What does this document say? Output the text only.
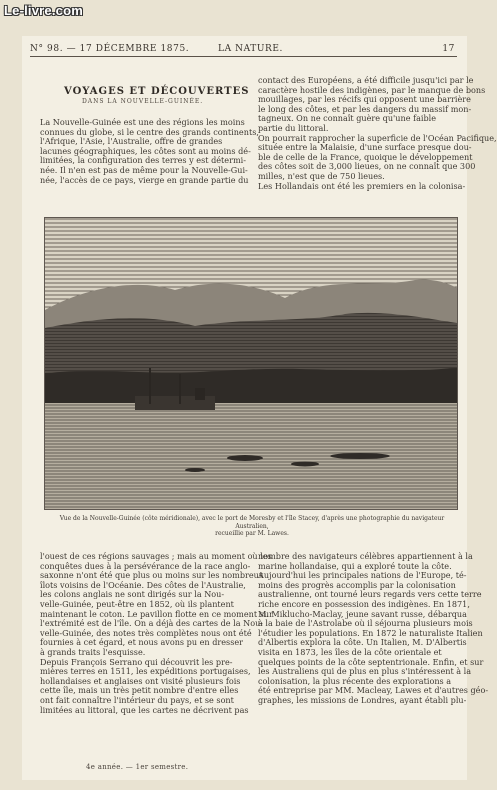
Le-livre.com
N° 98. — 17 DÉCEMBRE 1875.	LA NATURE.	17
VOYAGES ET DÉCOUVERTES
DANS LA NOUVELLE-GUINÉE.
La Nouvelle-Guinée est une des régions les moins
connues du globe, si le centre des grands continents,
l'Afrique, l'Asie, l'Australie, offre de grandes
lacunes géographiques, les côtes sont au moins dé-
limitées, la configuration des terres y est détermi-
née. Il n'en est pas de même pour la Nouvelle-Gui-
née, l'accès de ce pays, vierge en grande partie du
contact des Européens, a été difficile jusqu'ici par le
caractère hostile des indigènes, par le manque de bons
mouillages, par les récifs qui opposent une barrière
le long des côtes, et par les dangers du massif mon-
tagneux. On ne connaît guère qu'une faible
partie du littoral.
On pourrait rapprocher la superficie de l'Océan Pacifique,
située entre la Malaisie, d'une surface presque dou-
ble de celle de la France, quoique le développement
des côtes soit de 3,000 lieues, on ne connaît que 300
milles, n'est que de 750 lieues.
Les Hollandais ont été les premiers en la colonisa-
Vue de la Nouvelle-Guinée (côte méridionale), avec le port de Moresby et l'île Stacey, d'après une photographie du navigateur Australien,
recueillie par M. Lawes.
l'ouest de ces régions sauvages ; mais au moment où les
conquêtes dues à la persévérance de la race anglo-
saxonne n'ont été que plus ou moins sur les nombreux
îlots voisins de l'Océanie. Des côtes de l'Australie,
les colons anglais ne sont dirigés sur la Nou-
velle-Guinée, peut-être en 1852, où ils plantent
maintenant le coton. Le pavillon flotte en ce moment sur
l'extrémité est de l'île. On a déjà des cartes de la Nou-
velle-Guinée, des notes très complètes nous ont été
fournies à cet égard, et nous avons pu en dresser
à grands traits l'esquisse.
Depuis François Serrano qui découvrit les pre-
mières terres en 1511, les expéditions portugaises,
hollandaises et anglaises ont visité plusieurs fois
cette île, mais un très petit nombre d'entre elles
ont fait connaître l'intérieur du pays, et se sont
limitées au littoral, que les cartes ne décrivent pas
nombre des navigateurs célèbres appartiennent à la
marine hollandaise, qui a exploré toute la côte.
Aujourd'hui les principales nations de l'Europe, té-
moins des progrès accomplis par la colonisation
australienne, ont tourné leurs regards vers cette terre
riche encore en possession des indigènes. En 1871,
M. Miklucho-Maclay, jeune savant russe, débarqua
à la baie de l'Astrolabe où il séjourna plusieurs mois
l'étudier les populations. En 1872 le naturaliste Italien
d'Albertis explora la côte. Un Italien, M. D'Albertis
visita en 1873, les îles de la côte orientale et
quelques points de la côte septentrionale. Enfin, et sur
les Australiens qui de plus en plus s'intéressent à la
colonisation, la plus récente des explorations a
été entreprise par MM. Macleay, Lawes et d'autres géo-
graphes, les missions de Londres, ayant établi plu-
4e année. — 1er semestre.
